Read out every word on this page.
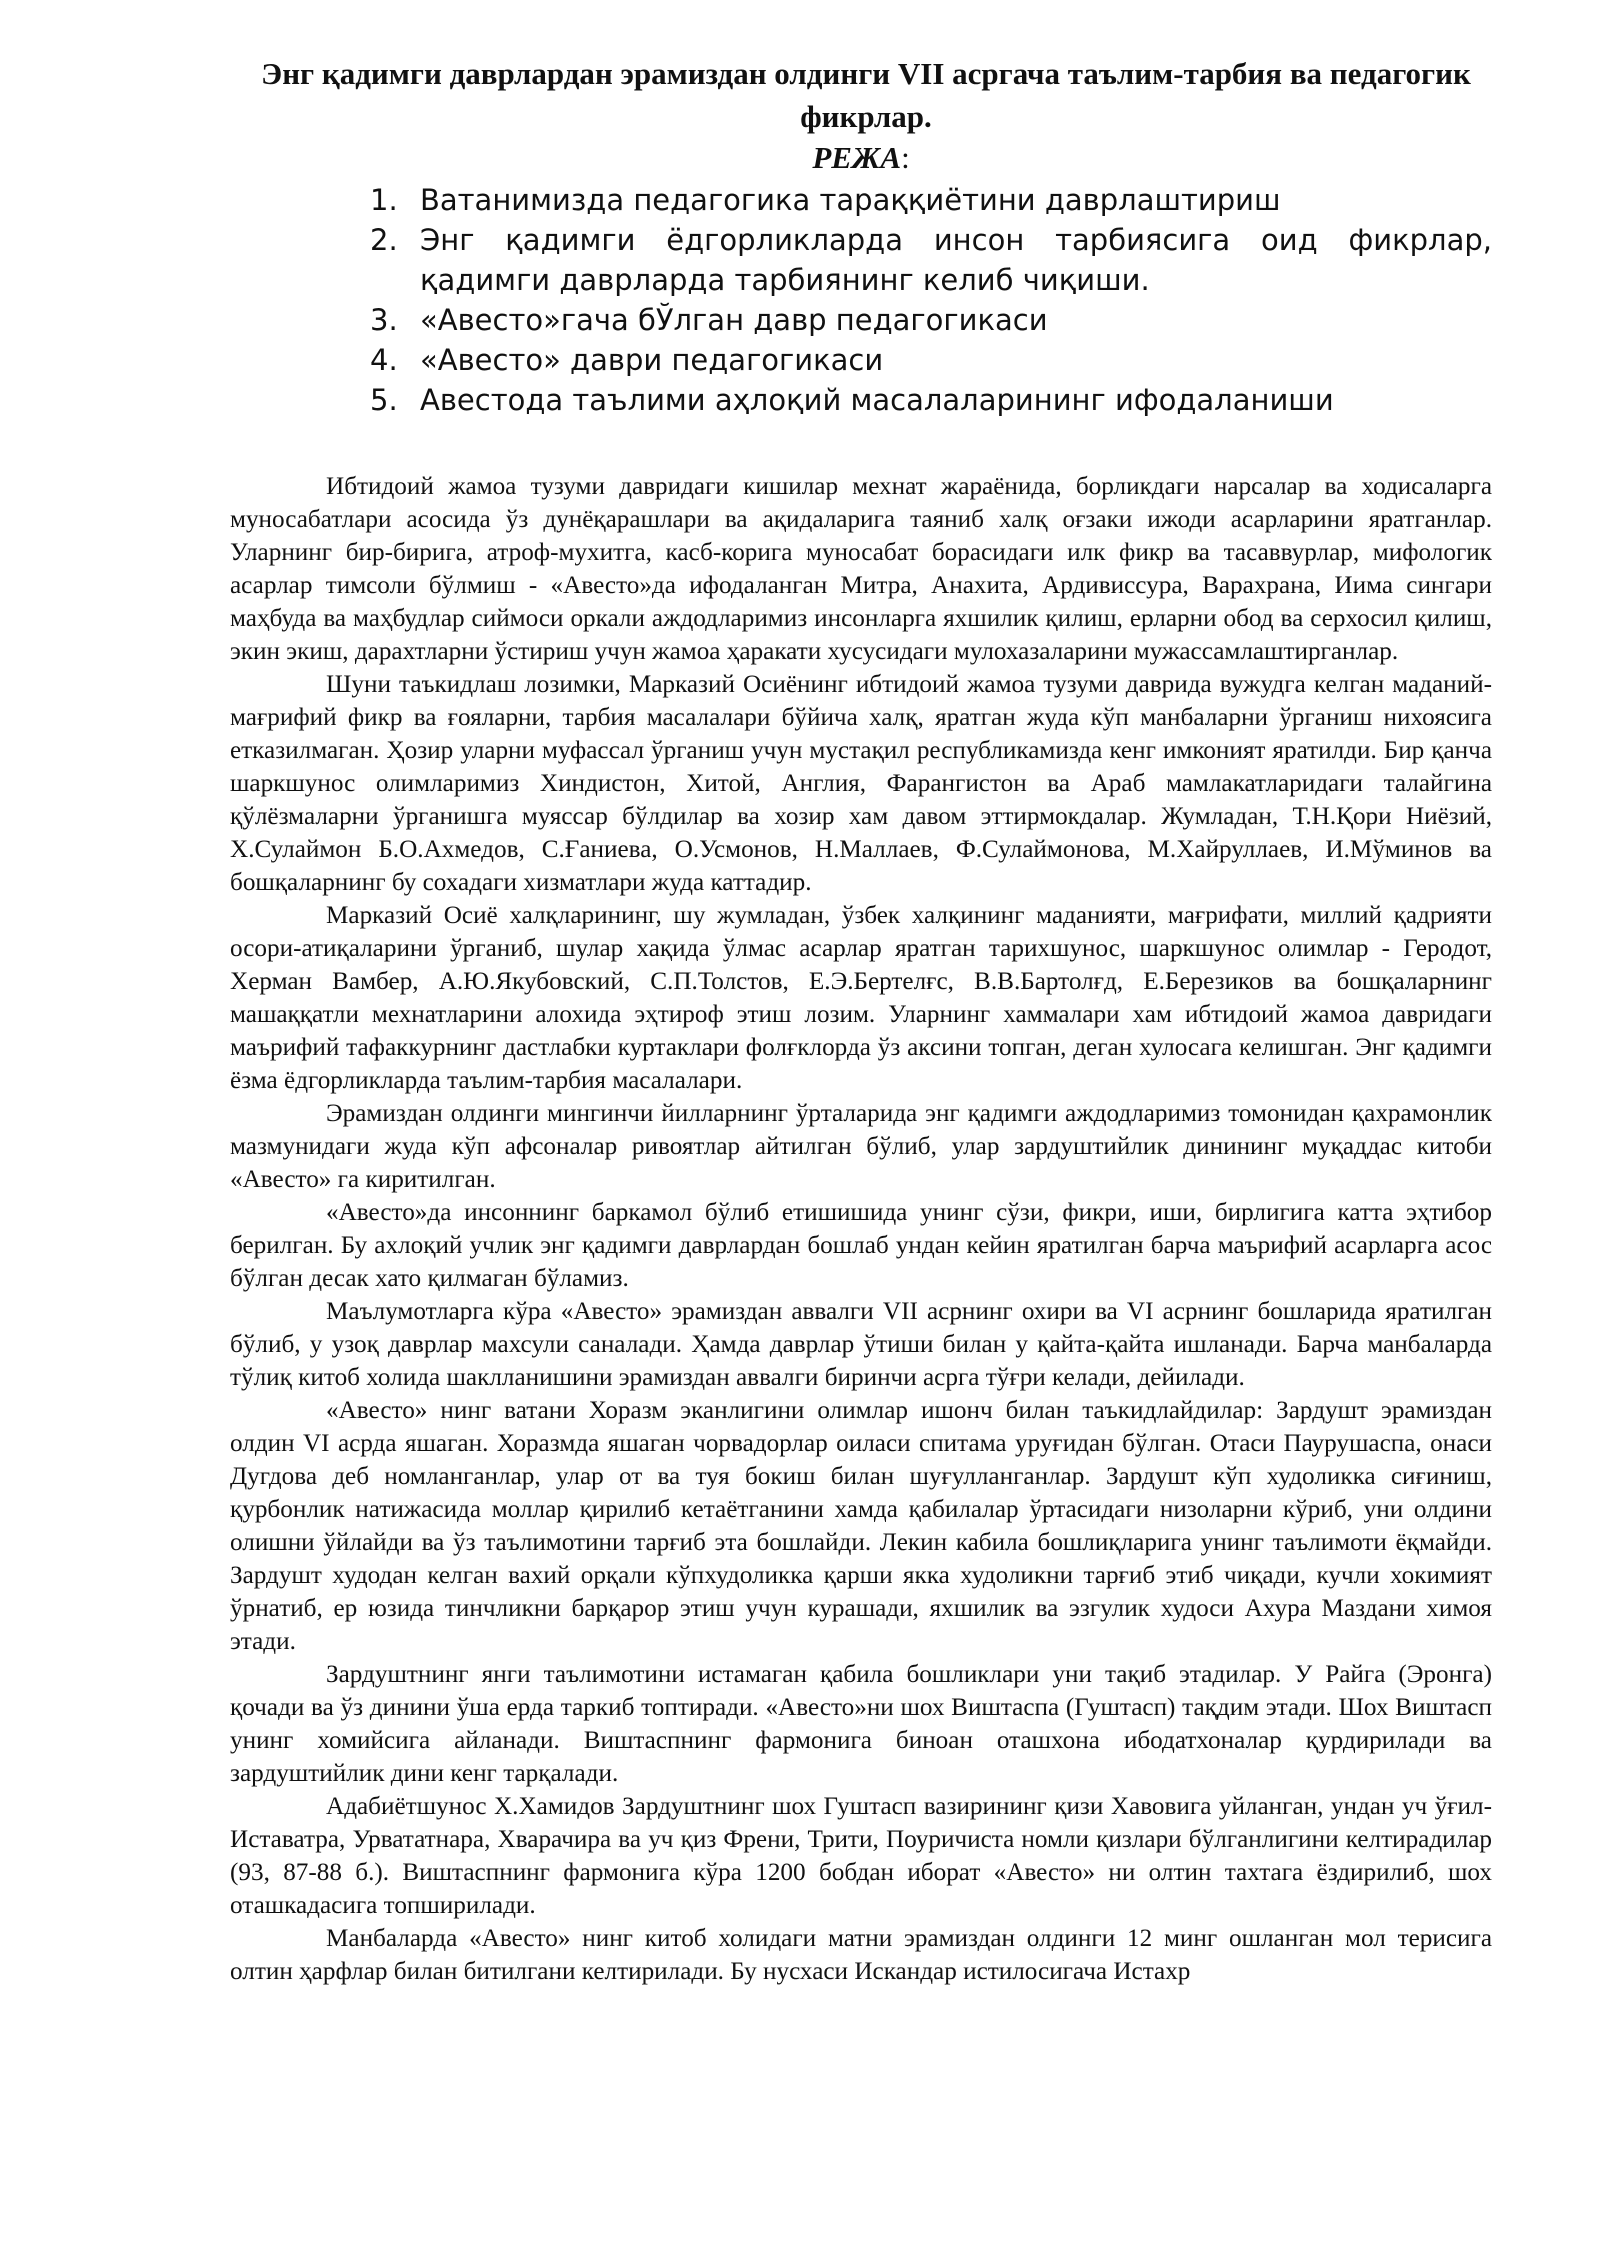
Энг қадимги даврлардан эрамиздан олдинги VII асргача таълим-тарбия ва педагогик фикрлар.
РЕЖА:
1. Ватанимизда педагогика тараққиётини даврлаштириш
2. Энг қадимги ёдгорликларда инсон тарбиясига оид фикрлар, қадимги даврларда тарбиянинг келиб чиқиши.
3. «Авесто»гача бЎлган давр педагогикаси
4. «Авесто» даври педагогикаси
5. Авестода таълими аҳлоқий масалаларининг ифодаланиши

Ибтидоий жамоа тузуми давридаги кишилар мехнат жараёнида, борликдаги нарсалар ва ходисаларга муносабатлари асосида ўз дунёқарашлари ва ақидаларига таяниб халқ оғзаки ижоди асарларини яратганлар. Уларнинг бир-бирига, атроф-мухитга, касб-корига муносабат борасидаги илк фикр ва тасаввурлар, мифологик асарлар тимсоли бўлмиш - «Авесто»да ифодаланган Митра, Анахита, Ардивиссура, Варахрана, Иима сингари маҳбуда ва маҳбудлар сиймоси оркали аждодларимиз инсонларга яхшилик қилиш, ерларни обод ва серхосил қилиш, экин экиш, дарахтларни ўстириш учун жамоа ҳаракати хусусидаги мулохазаларини мужассамлаштирганлар.

Шуни таъкидлаш лозимки, Марказий Осиёнинг ибтидоий жамоа тузуми даврида вужудга келган маданий-мағрифий фикр ва ғояларни, тарбия масалалари бўйича халқ, яратган жуда кўп манбаларни ўрганиш нихоясига етказилмаган. Ҳозир уларни муфассал ўрганиш учун мустақил республикамизда кенг имконият яратилди. Бир қанча шаркшунос олимларимиз Хиндистон, Хитой, Англия, Фарангистон ва Араб мамлакатларидаги талайгина қўлёзмаларни ўрганишга муяссар бўлдилар ва хозир хам давом эттирмокдалар. Жумладан, Т.Н.Қори Ниёзий, Х.Сулаймон Б.О.Ахмедов, С.Ғаниева, О.Усмонов, Н.Маллаев, Ф.Сулаймонова, М.Хайруллаев, И.Мўминов ва бошқаларнинг бу сохадаги хизматлари жуда каттадир.

Марказий Осиё халқларининг, шу жумладан, ўзбек халқининг маданияти, мағрифати, миллий қадрияти осори-атиқаларини ўрганиб, шулар хақида ўлмас асарлар яратган тарихшунос, шаркшунос олимлар - Геродот, Херман Вамбер, А.Ю.Якубовский, С.П.Толстов, Е.Э.Бертелғс, В.В.Бартолғд, Е.Березиков ва бошқаларнинг машаққатли мехнатларини алохида эҳтироф этиш лозим. Уларнинг хаммалари хам ибтидоий жамоа давридаги маърифий тафаккурнинг дастлабки куртаклари фолғклорда ўз аксини топган, деган хулосага келишган. Энг қадимги ёзма ёдгорликларда таълим-тарбия масалалари.

Эрамиздан олдинги мингинчи йилларнинг ўрталарида энг қадимги аждодларимиз томонидан қахрамонлик мазмунидаги жуда кўп афсоналар ривоятлар айтилган бўлиб, улар зардуштийлик динининг муқаддас китоби «Авесто» га киритилган.

«Авесто»да инсоннинг баркамол бўлиб етишишида унинг сўзи, фикри, иши, бирлигига катта эҳтибор берилган. Бу ахлоқий учлик энг қадимги даврлардан бошлаб ундан кейин яратилган барча маърифий асарларга асос бўлган десак хато қилмаган бўламиз.

Маълумотларга кўра «Авесто» эрамиздан аввалги VII асрнинг охири ва VI асрнинг бошларида яратилган бўлиб, у узоқ даврлар махсули саналади. Ҳамда даврлар ўтиши билан у қайта-қайта ишланади. Барча манбаларда тўлиқ китоб холида шаклланишини эрамиздан аввалги биринчи асрга тўғри келади, дейилади.

«Авесто» нинг ватани Хоразм эканлигини олимлар ишонч билан таъкидлайдилар: Зардушт эрамиздан олдин VI асрда яшаган. Хоразмда яшаган чорвадорлар оиласи спитама уруғидан бўлган. Отаси Паурушаспа, онаси Дугдова деб номланганлар, улар от ва туя бокиш билан шуғулланганлар. Зардушт кўп худоликка сиғиниш, қурбонлик натижасида моллар қирилиб кетаётганини хамда қабилалар ўртасидаги низоларни кўриб, уни олдини олишни ўйлайди ва ўз таълимотини тарғиб эта бошлайди. Лекин кабила бошлиқларига унинг таълимоти ёқмайди. Зардушт худодан келган вахий орқали кўпхудоликка қарши якка худоликни тарғиб этиб чиқади, кучли хокимият ўрнатиб, ер юзида тинчликни барқарор этиш учун курашади, яхшилик ва эзгулик худоси Ахура Маздани химоя этади.

Зардуштнинг янги таълимотини истамаган қабила бошликлари уни тақиб этадилар. У Райга (Эронга) қочади ва ўз динини ўша ерда таркиб топтиради. «Авесто»ни шох Виштаспа (Гуштасп) тақдим этади. Шох Виштасп унинг хомийсига айланади. Виштаспнинг фармонига биноан оташхона ибодатхоналар қурдирилади ва зардуштийлик дини кенг тарқалади.

Адабиётшунос Х.Хамидов Зардуштнинг шох Гуштасп вазирининг қизи Хавовига уйланган, ундан уч ўғил- Иставатра, Урвататнара, Хварачира ва уч қиз Френи, Трити, Поуричиста номли қизлари бўлганлигини келтирадилар (93, 87-88 б.). Виштаспнинг фармонига кўра 1200 бобдан иборат «Авесто» ни олтин тахтага ёздирилиб, шох оташкадасига топширилади.

Манбаларда «Авесто» нинг китоб холидаги матни эрамиздан олдинги 12 минг ошланган мол терисига олтин ҳарфлар билан битилгани келтирилади. Бу нусхаси Искандар истилосигача Истахр
